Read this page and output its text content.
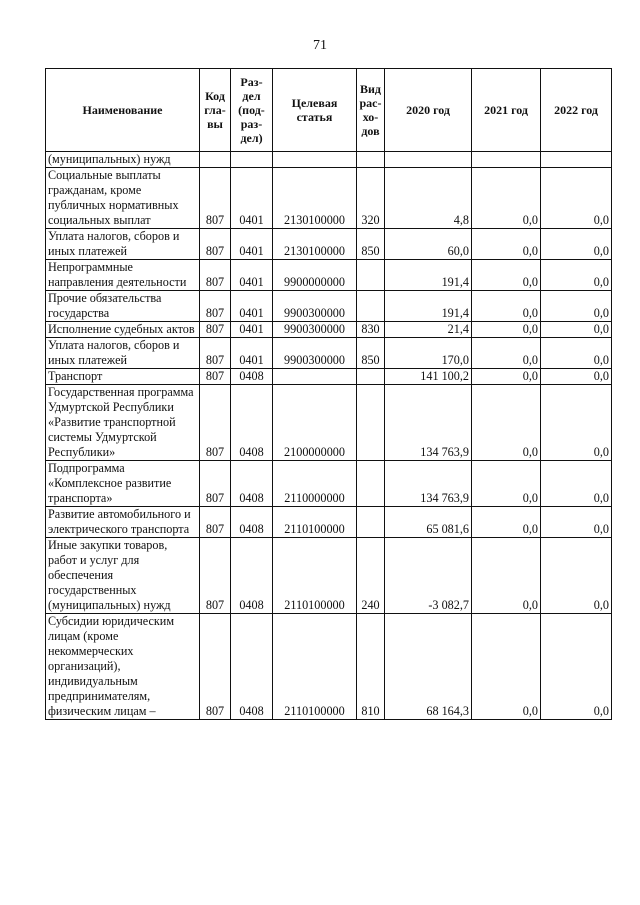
71
Наименование	Код гла- вы	Раз- дел (под- раз- дел)	Целевая статья	Вид рас- хо- дов	2020 год	2021 год	2022 год
(муниципальных) нужд							
Социальные выплаты гражданам, кроме публичных нормативных социальных выплат	807	0401	2130100000	320	4,8	0,0	0,0
Уплата налогов, сборов и иных платежей	807	0401	2130100000	850	60,0	0,0	0,0
Непрограммные направления деятельности	807	0401	9900000000		191,4	0,0	0,0
Прочие обязательства государства	807	0401	9900300000		191,4	0,0	0,0
Исполнение судебных актов	807	0401	9900300000	830	21,4	0,0	0,0
Уплата налогов, сборов и иных платежей	807	0401	9900300000	850	170,0	0,0	0,0
Транспорт	807	0408			141 100,2	0,0	0,0
Государственная программа Удмуртской Республики «Развитие транспортной системы Удмуртской Республики»	807	0408	2100000000		134 763,9	0,0	0,0
Подпрограмма «Комплексное развитие транспорта»	807	0408	2110000000		134 763,9	0,0	0,0
Развитие автомобильного и электрического транспорта	807	0408	2110100000		65 081,6	0,0	0,0
Иные закупки товаров, работ и услуг для обеспечения государственных (муниципальных) нужд	807	0408	2110100000	240	-3 082,7	0,0	0,0
Субсидии юридическим лицам (кроме некоммерческих организаций), индивидуальным предпринимателям, физическим лицам –	807	0408	2110100000	810	68 164,3	0,0	0,0
